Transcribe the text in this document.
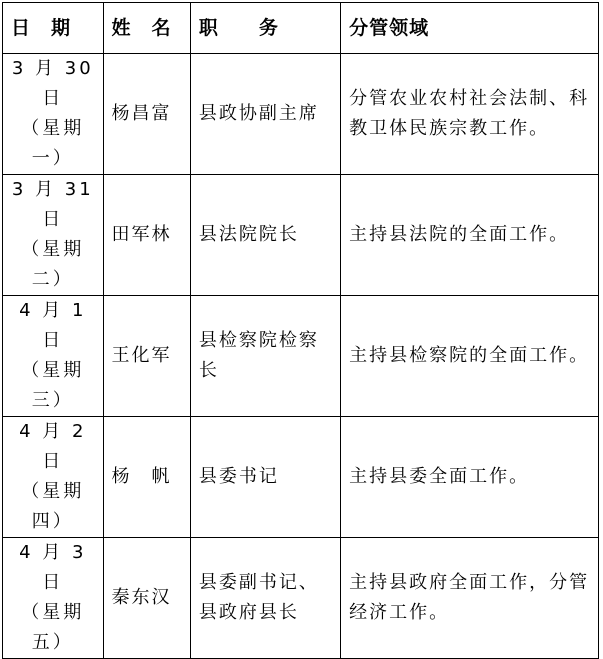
日　期	姓　名	职　　务	分管领域

3 月 30 日
（星期一）	杨昌富	县政协副主席	分管农业农村社会法制、科教卫体民族宗教工作。

3 月 31 日
（星期二）	田军林	县法院院长	主持县法院的全面工作。

4 月 1 日
（星期三）	王化军	县检察院检察长	主持县检察院的全面工作。

4 月 2 日
（星期四）	杨　帆	县委书记	主持县委全面工作。

4 月 3 日
（星期五）	秦东汉	县委副书记、县政府县长	主持县政府全面工作，分管经济工作。
